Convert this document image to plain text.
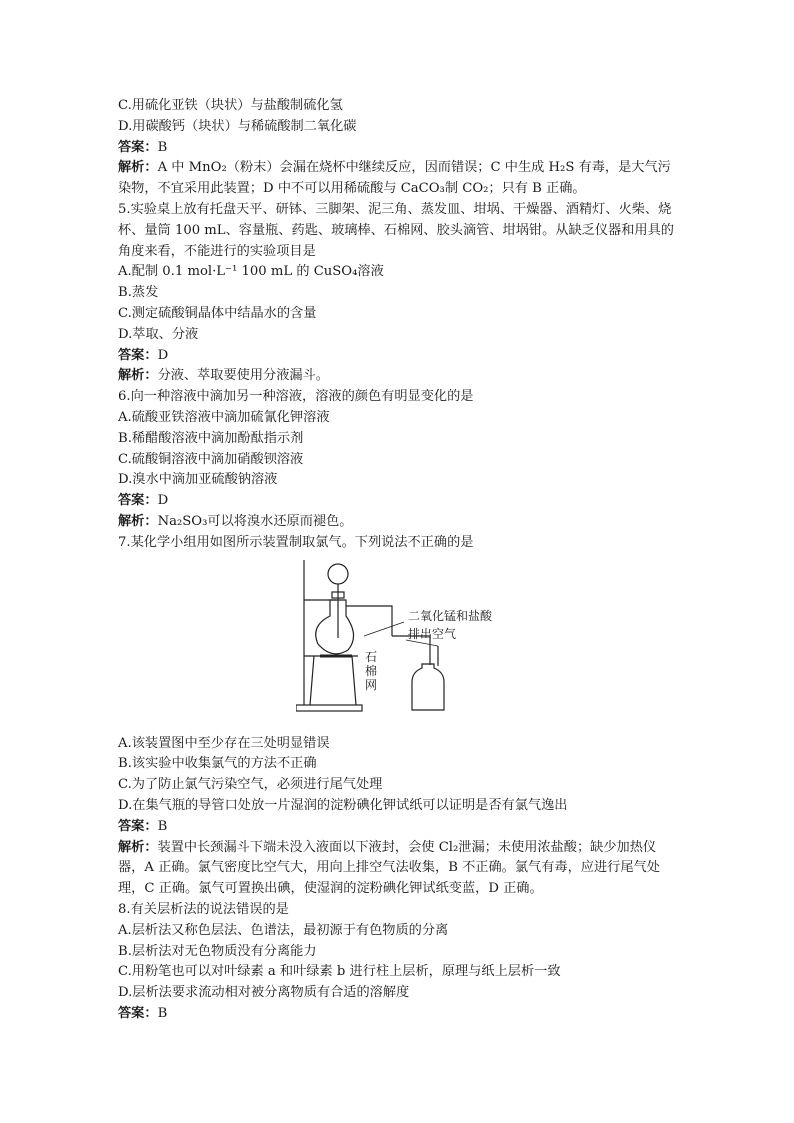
C.用硫化亚铁（块状）与盐酸制硫化氢
D.用碳酸钙（块状）与稀硫酸制二氧化碳
答案：B
解析：A 中 MnO₂（粉末）会漏在烧杯中继续反应，因而错误；C 中生成 H₂S 有毒，是大气污染物，不宜采用此装置；D 中不可以用稀硫酸与 CaCO₃制 CO₂；只有 B 正确。
5.实验桌上放有托盘天平、研钵、三脚架、泥三角、蒸发皿、坩埚、干燥器、酒精灯、火柴、烧杯、量筒 100 mL、容量瓶、药匙、玻璃棒、石棉网、胶头滴管、坩埚钳。从缺乏仪器和用具的角度来看，不能进行的实验项目是
A.配制 0.1 mol·L⁻¹ 100 mL 的 CuSO₄溶液
B.蒸发
C.测定硫酸铜晶体中结晶水的含量
D.萃取、分液
答案：D
解析：分液、萃取要使用分液漏斗。
6.向一种溶液中滴加另一种溶液，溶液的颜色有明显变化的是
A.硫酸亚铁溶液中滴加硫氰化钾溶液
B.稀醋酸溶液中滴加酚酞指示剂
C.硫酸铜溶液中滴加硝酸钡溶液
D.溴水中滴加亚硫酸钠溶液
答案：D
解析：Na₂SO₃可以将溴水还原而褪色。
7.某化学小组用如图所示装置制取氯气。下列说法不正确的是
二氧化锰和盐酸
排出空气
石
棉
网
A.该装置图中至少存在三处明显错误
B.该实验中收集氯气的方法不正确
C.为了防止氯气污染空气，必须进行尾气处理
D.在集气瓶的导管口处放一片湿润的淀粉碘化钾试纸可以证明是否有氯气逸出
答案：B
解析：装置中长颈漏斗下端未没入液面以下液封，会使 Cl₂泄漏；未使用浓盐酸；缺少加热仪器，A 正确。氯气密度比空气大，用向上排空气法收集，B 不正确。氯气有毒，应进行尾气处理，C 正确。氯气可置换出碘，使湿润的淀粉碘化钾试纸变蓝，D 正确。
8.有关层析法的说法错误的是
A.层析法又称色层法、色谱法，最初源于有色物质的分离
B.层析法对无色物质没有分离能力
C.用粉笔也可以对叶绿素 a 和叶绿素 b 进行柱上层析，原理与纸上层析一致
D.层析法要求流动相对被分离物质有合适的溶解度
答案：B
